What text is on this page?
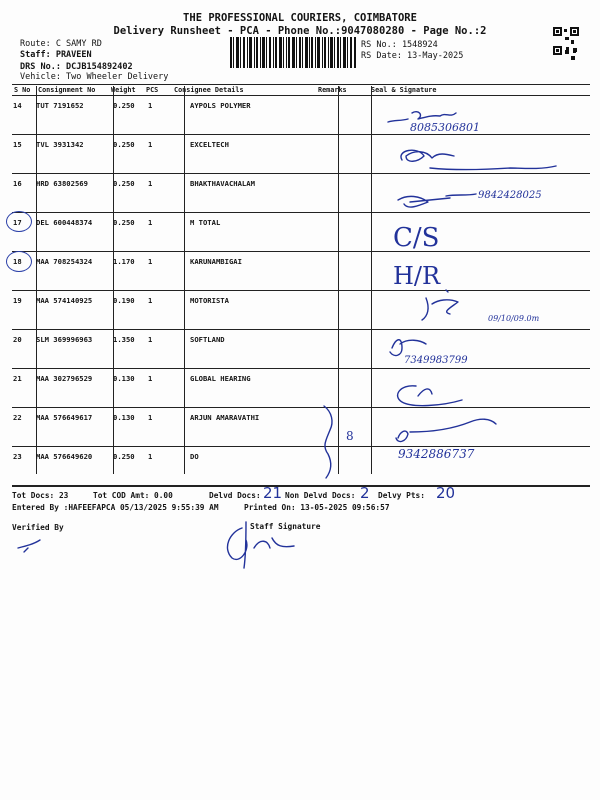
THE PROFESSIONAL COURIERS, COIMBATORE
Delivery Runsheet - PCA - Phone No.:9047080280 - Page No.:2
Route: C SAMY RD
Staff: PRAVEEN
DRS No.: DCJB154892402
Vehicle: Two Wheeler Delivery
RS No.: 1548924
RS Date: 13-May-2025
S No Consignment No Weight PCS Consignee Details	Remarks	Seal & Signature
14	TUT 7191652	0.250	1	AYPOLS POLYMER		

15	TVL 3931342	0.250	1	EXCELTECH		

16	HRD 63802569	0.250	1	BHAKTHAVACHALAM		

17	DEL 600448374	0.250	1	M TOTAL		

18	MAA 708254324	1.170	1	KARUNAMBIGAI		

19	MAA 574140925	0.190	1	MOTORISTA		

20	SLM 369996963	1.350	1	SOFTLAND		

21	MAA 302796529	0.130	1	GLOBAL HEARING		

22	MAA 576649617	0.130	1	ARJUN AMARAVATHI		

23	MAA 576649620	0.250	1	DO		

C/S
H/R
8085306801
9842428025
09/10/09.0m
7349983799
9342886737
8
Tot Docs: 23	Tot COD Amt: 0.00	Delvd Docs: 21 Non Delvd Docs: 2 Delvy Pts: 20
Entered By :HAFEEFAPCA 05/13/2025 9:55:39 AM	Printed On: 13-05-2025 09:56:57
Verified By	Staff Signature
